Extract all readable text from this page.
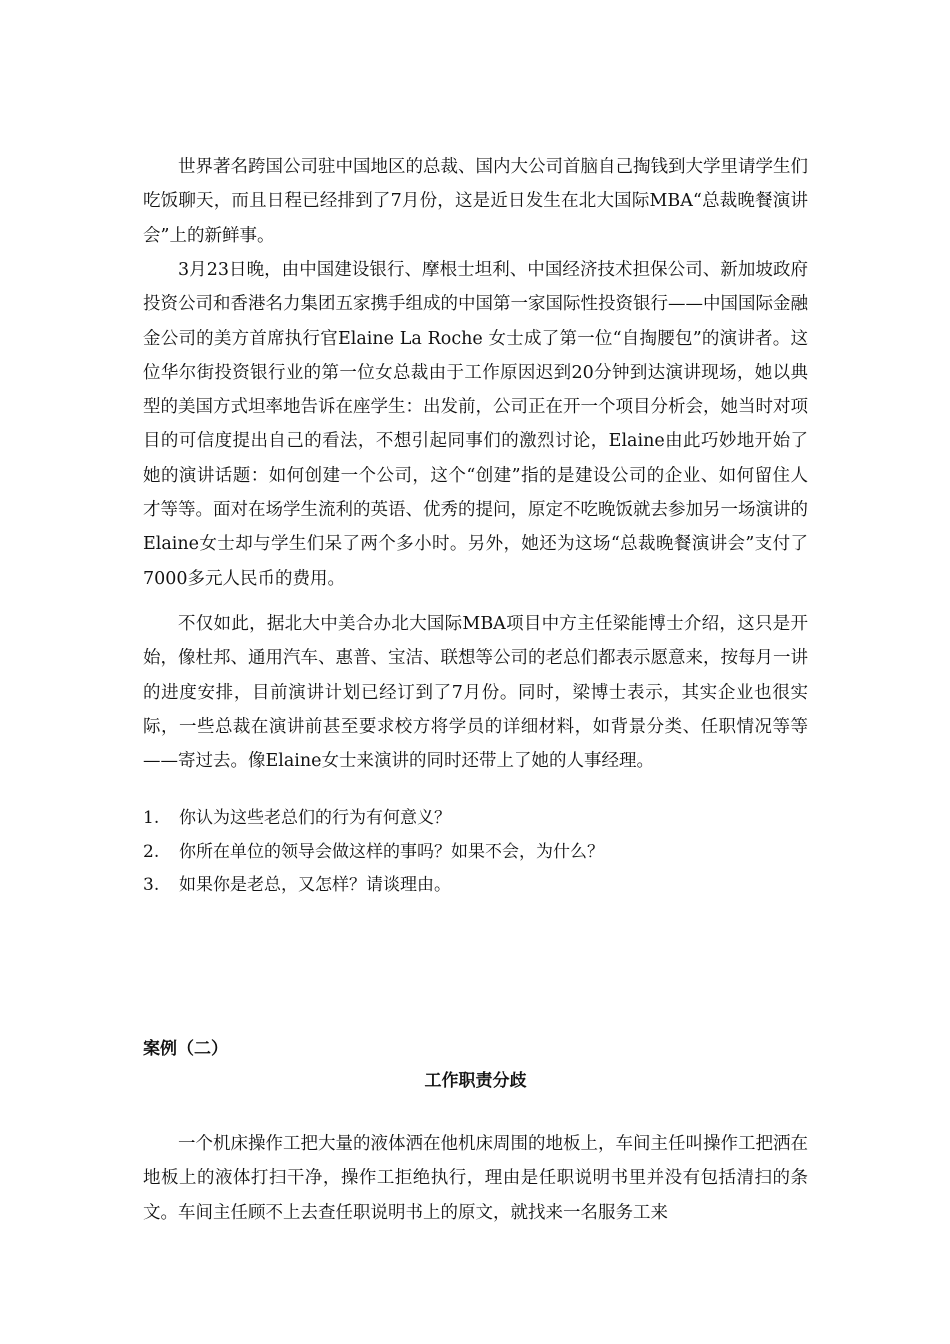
世界著名跨国公司驻中国地区的总裁、国内大公司首脑自己掏钱到大学里请学生们吃饭聊天，而且日程已经排到了7月份，这是近日发生在北大国际MBA“总裁晚餐演讲会”上的新鲜事。

3月23日晚，由中国建设银行、摩根士坦利、中国经济技术担保公司、新加坡政府投资公司和香港名力集团五家携手组成的中国第一家国际性投资银行——中国国际金融金公司的美方首席执行官Elaine La Roche 女士成了第一位“自掏腰包”的演讲者。这位华尔街投资银行业的第一位女总裁由于工作原因迟到20分钟到达演讲现场，她以典型的美国方式坦率地告诉在座学生：出发前，公司正在开一个项目分析会，她当时对项目的可信度提出自己的看法，不想引起同事们的激烈讨论，Elaine由此巧妙地开始了她的演讲话题：如何创建一个公司，这个“创建”指的是建设公司的企业、如何留住人才等等。面对在场学生流利的英语、优秀的提问，原定不吃晚饭就去参加另一场演讲的Elaine女士却与学生们呆了两个多小时。另外，她还为这场“总裁晚餐演讲会”支付了7000多元人民币的费用。

不仅如此，据北大中美合办北大国际MBA项目中方主任梁能博士介绍，这只是开始，像杜邦、通用汽车、惠普、宝洁、联想等公司的老总们都表示愿意来，按每月一讲的进度安排，目前演讲计划已经订到了7月份。同时，梁博士表示，其实企业也很实际，一些总裁在演讲前甚至要求校方将学员的详细材料，如背景分类、任职情况等等——寄过去。像Elaine女士来演讲的同时还带上了她的人事经理。

1.	你认为这些老总们的行为有何意义？
2.	你所在单位的领导会做这样的事吗？如果不会，为什么？
3.	如果你是老总，又怎样？请谈理由。
案例（二）
工作职责分歧

一个机床操作工把大量的液体洒在他机床周围的地板上，车间主任叫操作工把洒在地板上的液体打扫干净，操作工拒绝执行，理由是任职说明书里并没有包括清扫的条文。车间主任顾不上去查任职说明书上的原文，就找来一名服务工来
